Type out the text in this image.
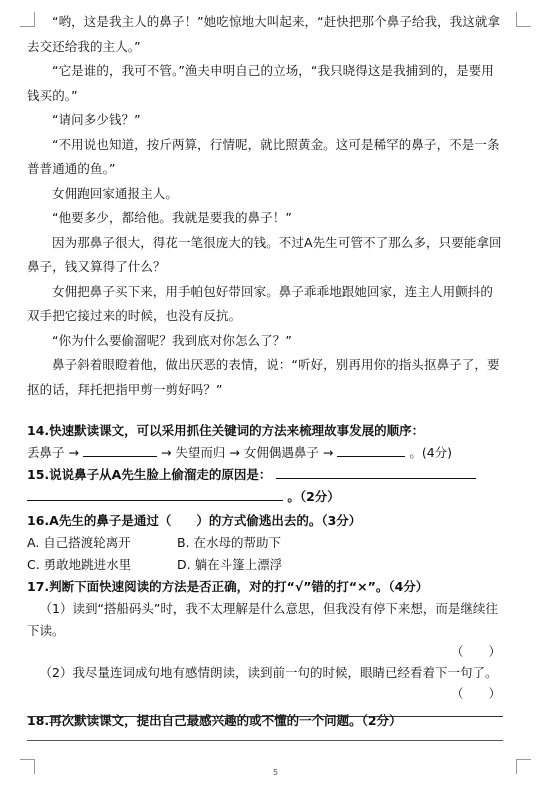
“哟，这是我主人的鼻子！”她吃惊地大叫起来，“赶快把那个鼻子给我，我这就拿去交还给我的主人。”

“它是谁的，我可不管。”渔夫申明自己的立场，“我只晓得这是我捕到的，是要用钱买的。”

“请问多少钱？”

“不用说也知道，按斤两算，行情呢，就比照黄金。这可是稀罕的鼻子，不是一条普普通通的鱼。”

女佣跑回家通报主人。

“他要多少，都给他。我就是要我的鼻子！”

因为那鼻子很大，得花一笔很庞大的钱。不过A先生可管不了那么多，只要能拿回鼻子，钱又算得了什么？

女佣把鼻子买下来，用手帕包好带回家。鼻子乖乖地跟她回家，连主人用颤抖的双手把它接过来的时候，也没有反抗。

“你为什么要偷溜呢？我到底对你怎么了？”

鼻子斜着眼瞪着他，做出厌恶的表情，说：“听好，别再用你的指头抠鼻子了，要抠的话，拜托把指甲剪一剪好吗？”

14.快速默读课文，可以采用抓住关键词的方法来梳理故事发展的顺序：

丢鼻子 →	→ 失望而归 → 女佣偶遇鼻子 →	。(4分)

15.说说鼻子从A先生脸上偷溜走的原因是：

。（2分）

16.A先生的鼻子是通过（　　）的方式偷逃出去的。（3分）

A. 自己搭渡轮离开	B. 在水母的帮助下
C. 勇敢地跳进水里	D. 躺在斗篷上漂浮

17.判断下面快速阅读的方法是否正确，对的打“√”错的打“×”。（4分）

（1）读到“搭船码头”时，我不太理解是什么意思，但我没有停下来想，而是继续往下读。

（　　）

（2）我尽量连词成句地有感情朗读，读到前一句的时候，眼睛已经看着下一句了。

（　　）

18.再次默读课文，提出自己最感兴趣的或不懂的一个问题。（2分）

5
